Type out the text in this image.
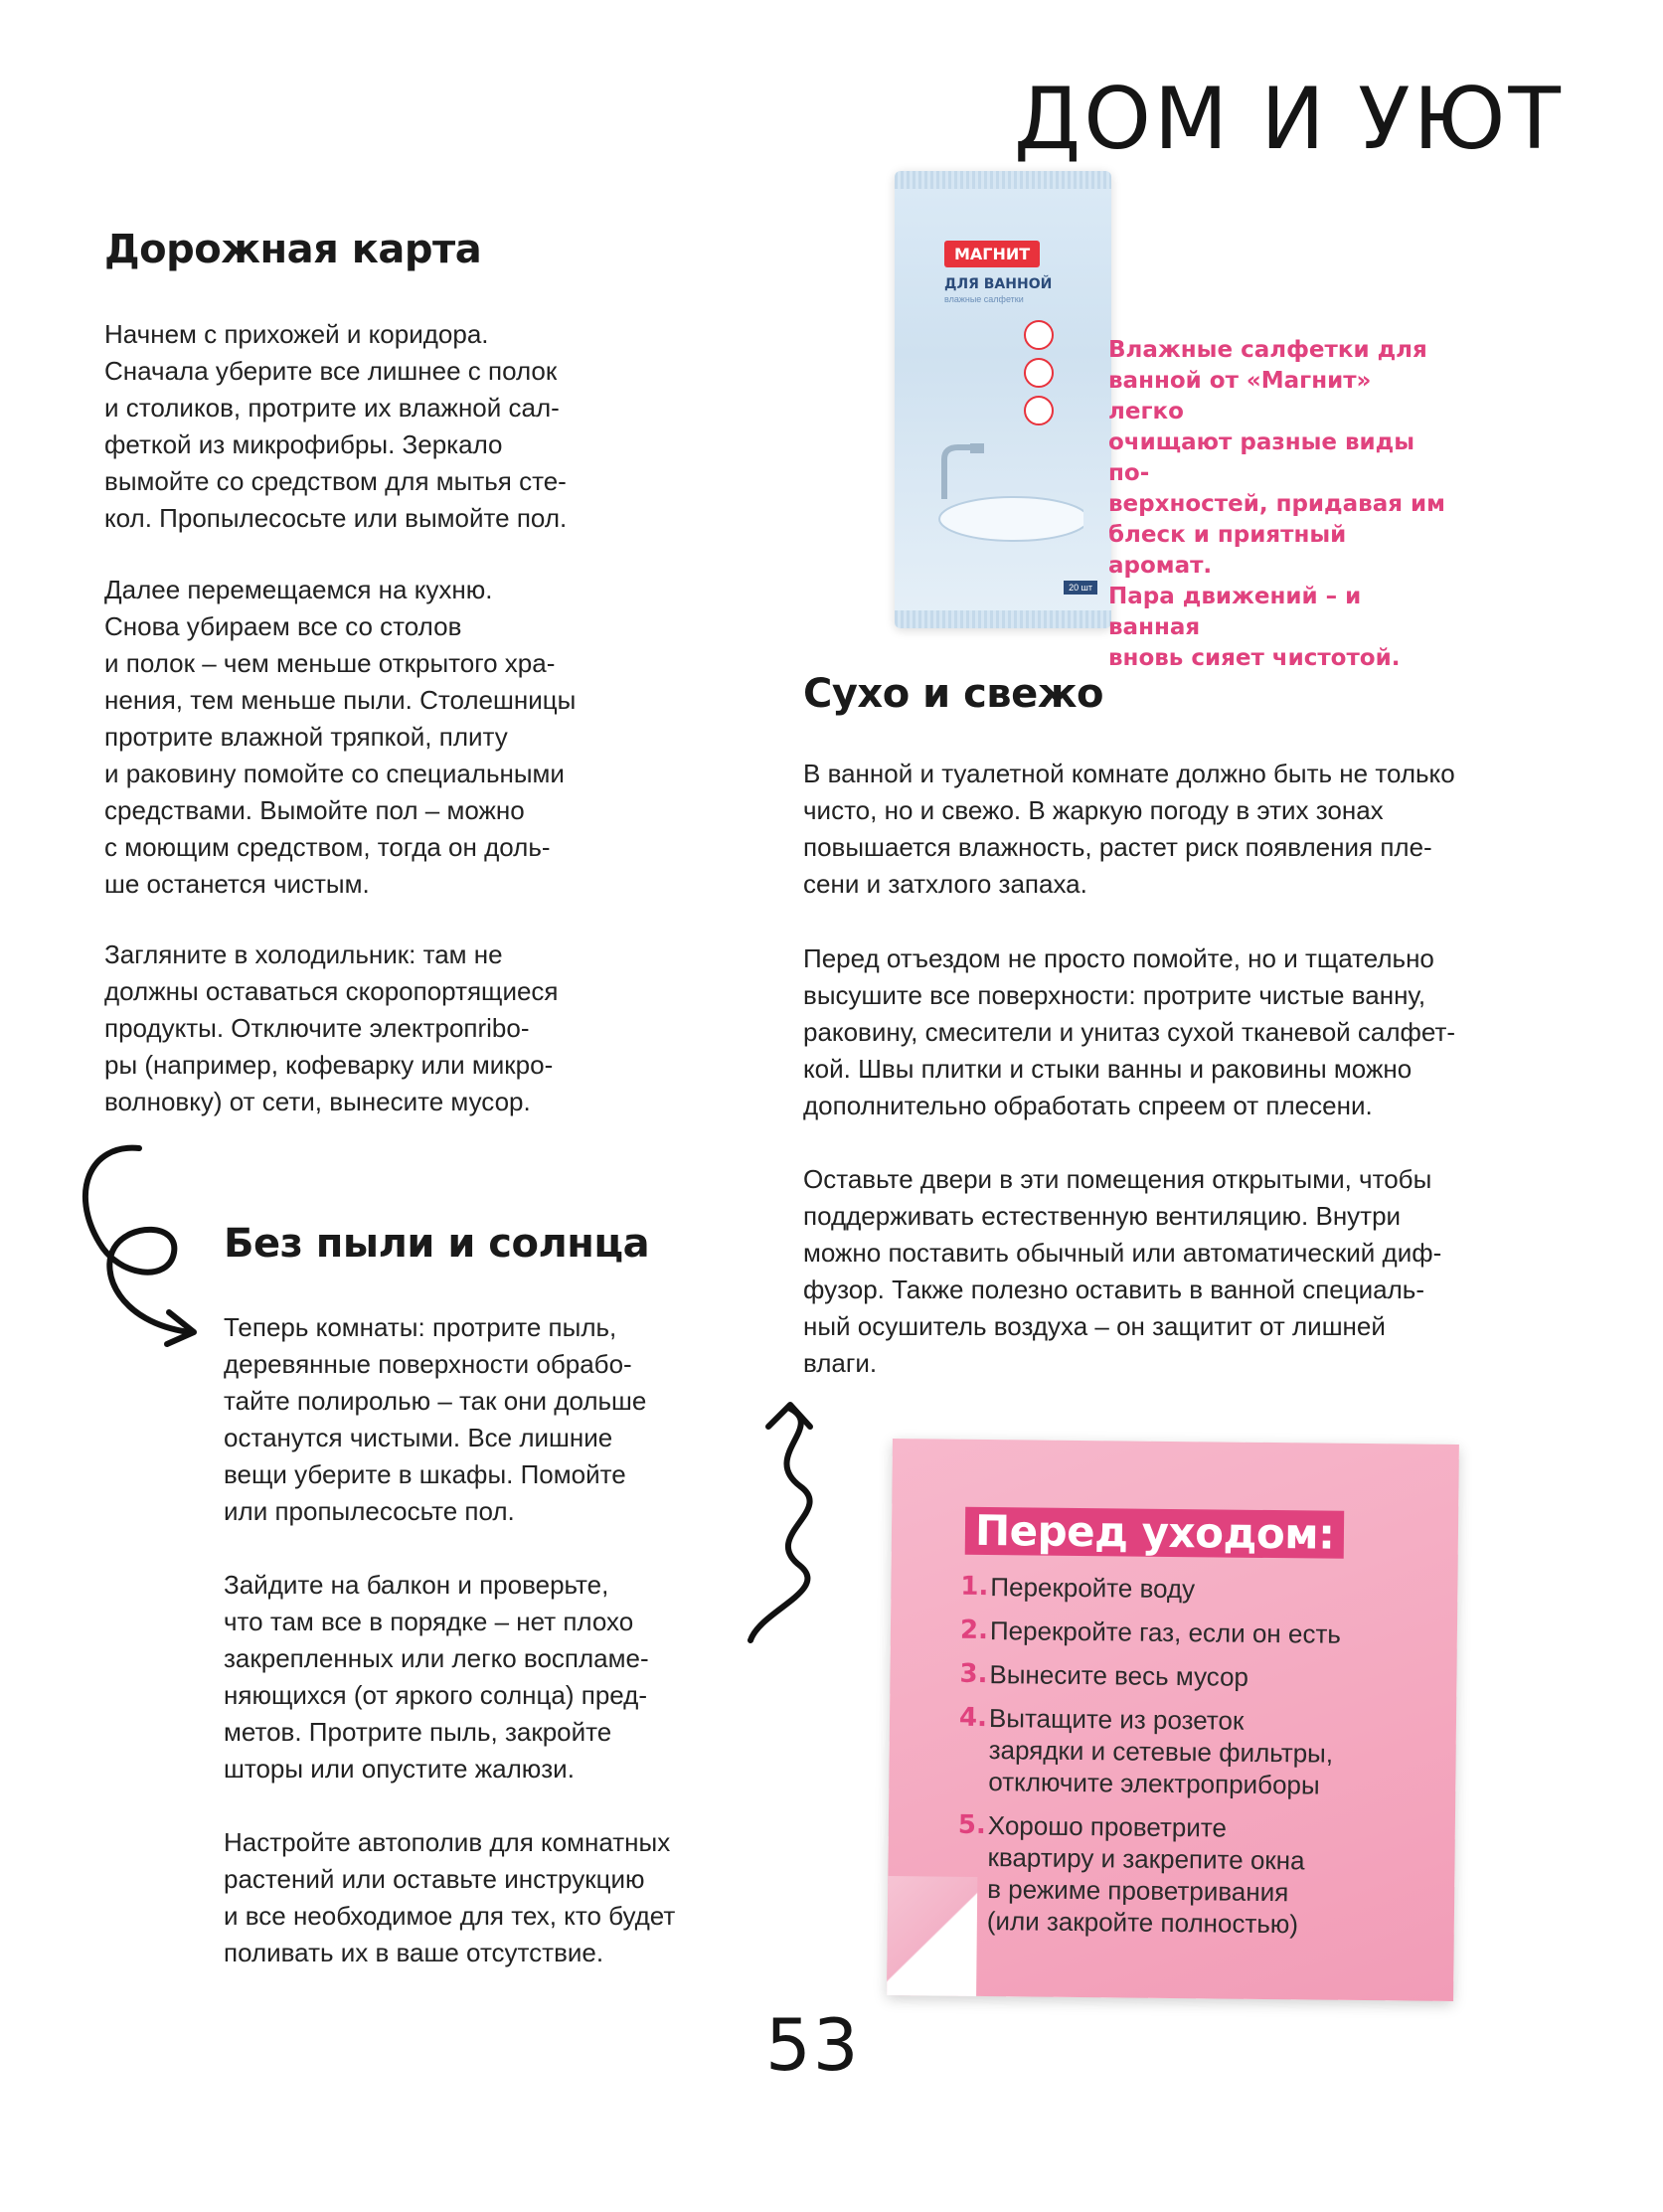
ДОМ И УЮТ
Дорожная карта

Начнем с прихожей и коридора.
Сначала уберите все лишнее с полок
и столиков, протрите их влажной сал-
феткой из микрофибры. Зеркало
вымойте со средством для мытья сте-
кол. Пропылесосьте или вымойте пол.

Далее перемещаемся на кухню.
Снова убираем все со столов
и полок – чем меньше открытого хра-
нения, тем меньше пыли. Столешницы
протрите влажной тряпкой, плиту
и раковину помойте со специальными
средствами. Вымойте пол – можно
с моющим средством, тогда он доль-
ше останется чистым.

Загляните в холодильник: там не
должны оставаться скоропортящиеся
продукты. Отключите электропribо-
ры (например, кофеварку или микро-
волновку) от сети, вынесите мусор.

МАГНИТ
ДЛЯ ВАННОЙ
влажные салфетки
20 шт

Влажные салфетки для
ванной от «Магнит» легко
очищают разные виды по-
верхностей, придавая им
блеск и приятный аромат.
Пара движений – и ванная
вновь сияет чистотой.

Сухо и свежо

В ванной и туалетной комнате должно быть не только
чисто, но и свежо. В жаркую погоду в этих зонах
повышается влажность, растет риск появления пле-
сени и затхлого запаха.

Перед отъездом не просто помойте, но и тщательно
высушите все поверхности: протрите чистые ванну,
раковину, смесители и унитаз сухой тканевой салфет-
кой. Швы плитки и стыки ванны и раковины можно
дополнительно обработать спреем от плесени.

Оставьте двери в эти помещения открытыми, чтобы
поддерживать естественную вентиляцию. Внутри
можно поставить обычный или автоматический диф-
фузор. Также полезно оставить в ванной специаль-
ный осушитель воздуха – он защитит от лишней
влаги.

Без пыли и солнца

Теперь комнаты: протрите пыль,
деревянные поверхности обрабо-
тайте полиролью – так они дольше
останутся чистыми. Все лишние
вещи уберите в шкафы. Помойте
или пропылесосьте пол.

Зайдите на балкон и проверьте,
что там все в порядке – нет плохо
закрепленных или легко воспламе-
няющихся (от яркого солнца) пред-
метов. Протрите пыль, закройте
шторы или опустите жалюзи.

Настройте автополив для комнатных
растений или оставьте инструкцию
и все необходимое для тех, кто будет
поливать их в ваше отсутствие.

Перед уходом:
1. Перекройте воду
2. Перекройте газ, если он есть
3. Вынесите весь мусор
4. Вытащите из розеток
зарядки и сетевые фильтры,
отключите электроприборы
5. Хорошо проветрите
квартиру и закрепите окна
в режиме проветривания
(или закройте полностью)
53
